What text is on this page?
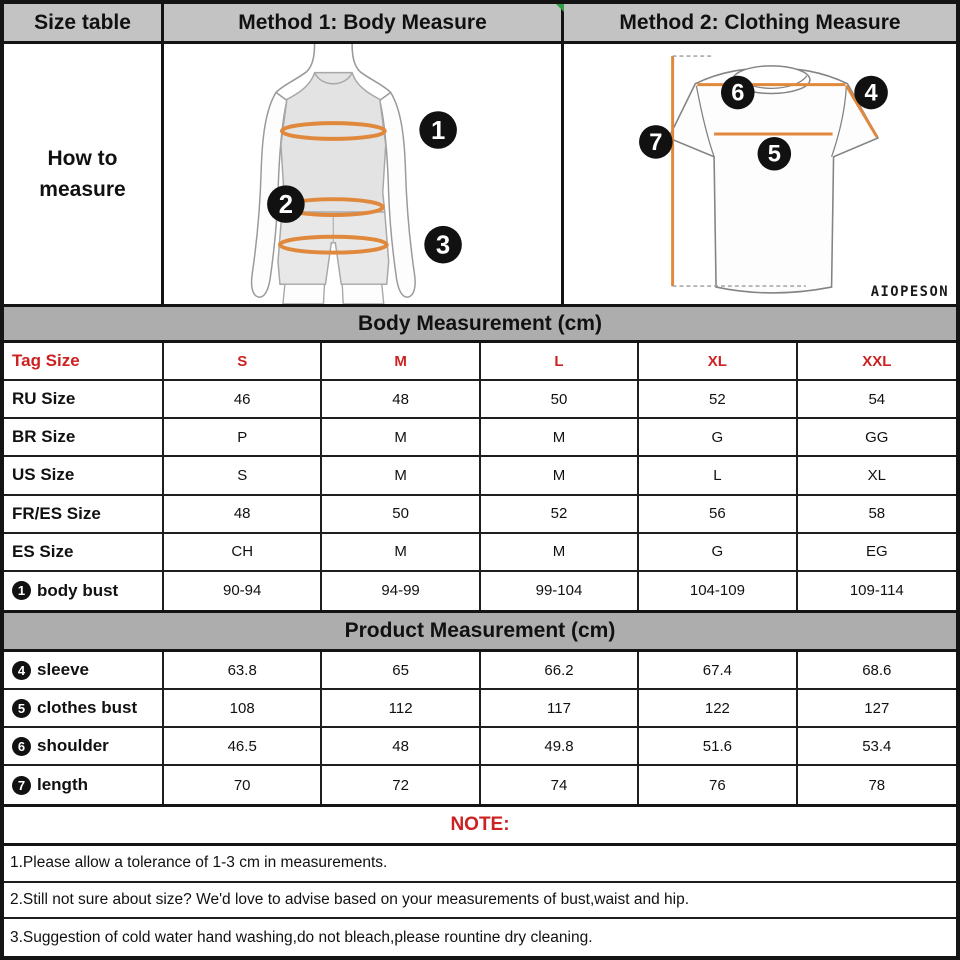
Size table	Method 1: Body Measure	Method 2: Clothing Measure
How to
measure
1
2
3
6	4
5
7
AIOPESON
Body Measurement (cm)
Tag Size	S	M	L	XL	XXL
RU Size	46	48	50	52	54
BR Size	P	M	M	G	GG
US Size	S	M	M	L	XL
FR/ES Size	48	50	52	56	58
ES Size	CH	M	M	G	EG
1 body bust	90-94	94-99	99-104	104-109	109-114
Product Measurement (cm)
4 sleeve	63.8	65	66.2	67.4	68.6
5 clothes bust	108	112	117	122	127
6 shoulder	46.5	48	49.8	51.6	53.4
7 length	70	72	74	76	78
NOTE:
1.Please allow a tolerance of 1-3 cm in measurements.
2.Still not sure about size? We'd love to advise based on your measurements of bust,waist and hip.
3.Suggestion of cold water hand washing,do not bleach,please rountine dry cleaning.
